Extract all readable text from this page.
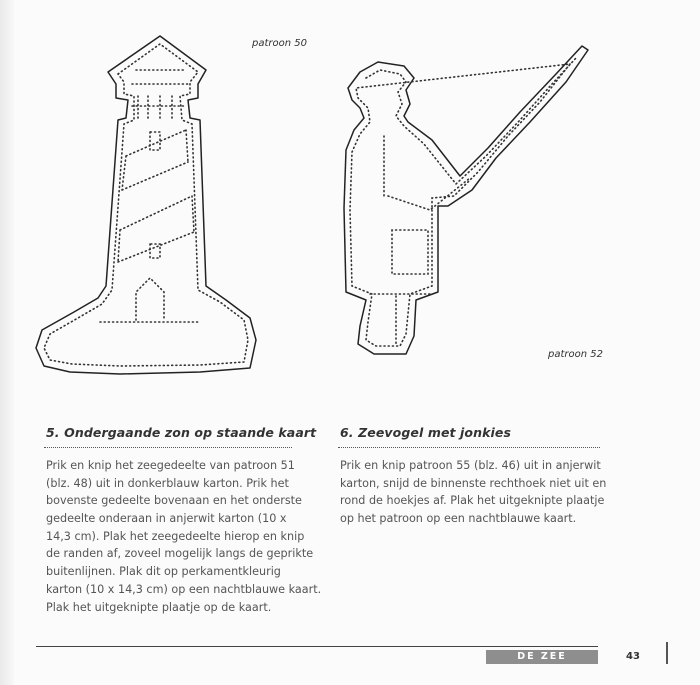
patroon 50
patroon 52
5. Ondergaande zon op staande kaart
Prik en knip het zeegedeelte van patroon 51
(blz. 48) uit in donkerblauw karton. Prik het
bovenste gedeelte bovenaan en het onderste
gedeelte onderaan in anjerwit karton (10 x
14,3 cm). Plak het zeegedeelte hierop en knip
de randen af, zoveel mogelijk langs de geprikte
buitenlijnen. Plak dit op perkamentkleurig
karton (10 x 14,3 cm) op een nachtblauwe kaart.
Plak het uitgeknipte plaatje op de kaart.
6. Zeevogel met jonkies
Prik en knip patroon 55 (blz. 46) uit in anjerwit
karton, snijd de binnenste rechthoek niet uit en
rond de hoekjes af. Plak het uitgeknipte plaatje
op het patroon op een nachtblauwe kaart.
DE ZEE	43
